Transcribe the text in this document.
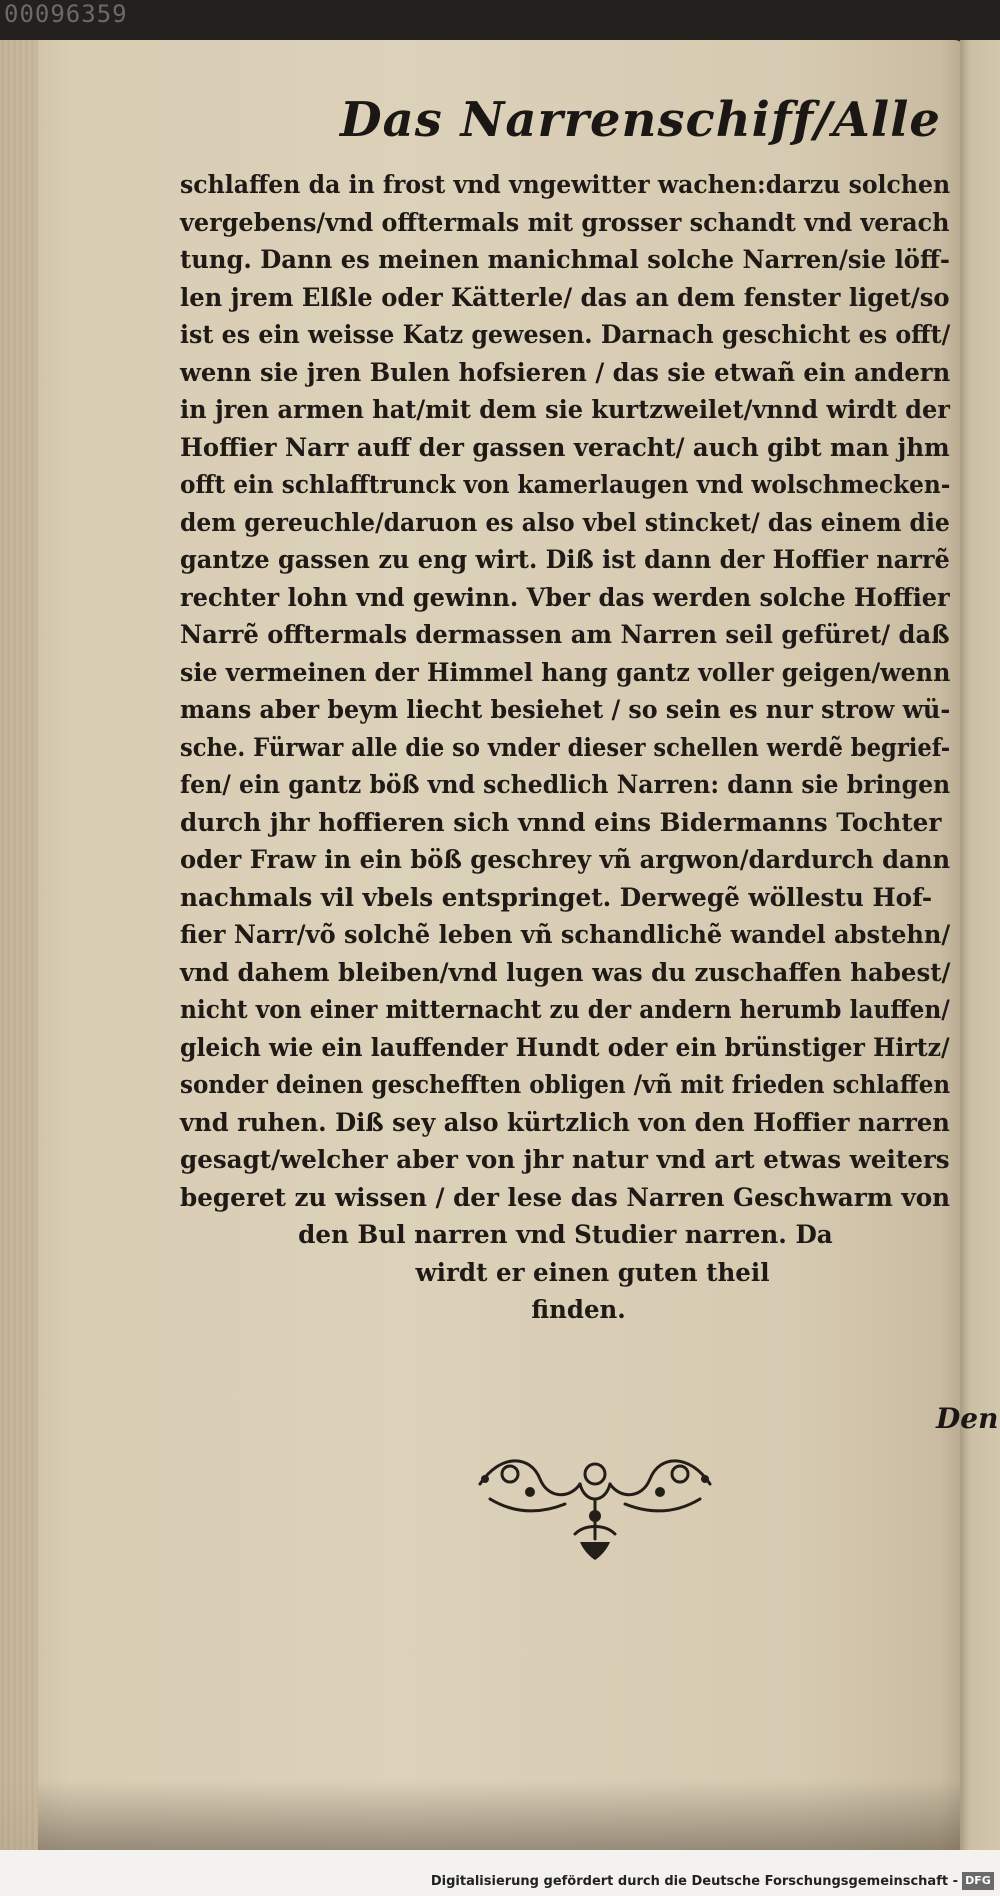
00096359
Das Narrenschiff/Alle
schlaffen da in frost vnd vngewitter wachen:darzu solchen
vergebens/vnd offtermals mit grosser schandt vnd verach
tung. Dann es meinen manichmal solche Narren/sie löff-
len jrem Elßle oder Kätterle/ das an dem fenster liget/so
ist es ein weisse Katz gewesen. Darnach geschicht es offt/
wenn sie jren Bulen hofsieren / das sie etwañ ein andern
in jren armen hat/mit dem sie kurtzweilet/vnnd wirdt der
Hoffier Narr auff der gassen veracht/ auch gibt man jhm
offt ein schlafftrunck von kamerlaugen vnd wolschmecken-
dem gereuchle/daruon es also vbel stincket/ das einem die
gantze gassen zu eng wirt. Diß ist dann der Hoffier narrẽ
rechter lohn vnd gewinn. Vber das werden solche Hoffier
Narrẽ offtermals dermassen am Narren seil gefüret/ daß
sie vermeinen der Himmel hang gantz voller geigen/wenn
mans aber beym liecht besiehet / so sein es nur strow wü-
sche. Fürwar alle die so vnder dieser schellen werdẽ begrief-
fen/ ein gantz böß vnd schedlich Narren: dann sie bringen
durch jhr hoffieren sich vnnd eins Bidermanns Tochter
oder Fraw in ein böß geschrey vñ argwon/dardurch dann
nachmals vil vbels entspringet. Derwegẽ wöllestu Hof-
fier Narr/võ solchẽ leben vñ schandlichẽ wandel abstehn/
vnd dahem bleiben/vnd lugen was du zuschaffen habest/
nicht von einer mitternacht zu der andern herumb lauffen/
gleich wie ein lauffender Hundt oder ein brünstiger Hirtz/
sonder deinen geschefften obligen /vñ mit frieden schlaffen
vnd ruhen. Diß sey also kürtzlich von den Hoffier narren
gesagt/welcher aber von jhr natur vnd art etwas weiters
begeret zu wissen / der lese das Narren Geschwarm von
den Bul narren vnd Studier narren. Da
wirdt er einen guten theil
finden.
Den
Digitalisierung gefördert durch die Deutsche Forschungsgemeinschaft - DFG
